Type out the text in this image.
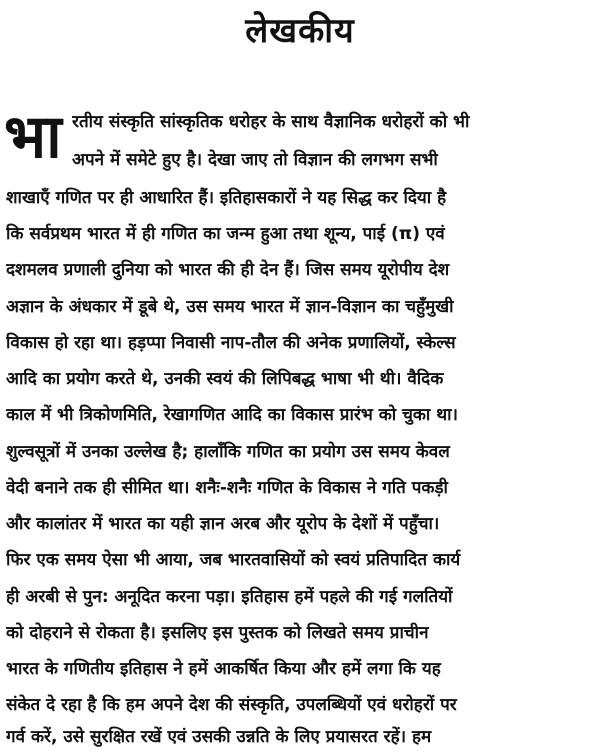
लेखकीय
भा रतीय संस्कृति सांस्कृतिक धरोहर के साथ वैज्ञानिक धरोहरों को भी
अपने में समेटे हुए है। देखा जाए तो विज्ञान की लगभग सभी
शाखाएँ गणित पर ही आधारित हैं। इतिहासकारों ने यह सिद्ध कर दिया है
कि सर्वप्रथम भारत में ही गणित का जन्म हुआ तथा शून्य, पाई (π) एवं
दशमलव प्रणाली दुनिया को भारत की ही देन हैं। जिस समय यूरोपीय देश
अज्ञान के अंधकार में डूबे थे, उस समय भारत में ज्ञान-विज्ञान का चहुँमुखी
विकास हो रहा था। हड़प्पा निवासी नाप-तौल की अनेक प्रणालियों, स्केल्स
आदि का प्रयोग करते थे, उनकी स्वयं की लिपिबद्ध भाषा भी थी। वैदिक
काल में भी त्रिकोणमिति, रेखागणित आदि का विकास प्रारंभ को चुका था।
शुल्वसूत्रों में उनका उल्लेख है; हालाँकि गणित का प्रयोग उस समय केवल
वेदी बनाने तक ही सीमित था। शनैः-शनैः गणित के विकास ने गति पकड़ी
और कालांतर में भारत का यही ज्ञान अरब और यूरोप के देशों में पहुँचा।
फिर एक समय ऐसा भी आया, जब भारतवासियों को स्वयं प्रतिपादित कार्य
ही अरबी से पुन: अनूदित करना पड़ा। इतिहास हमें पहले की गई गलतियों
को दोहराने से रोकता है। इसलिए इस पुस्तक को लिखते समय प्राचीन
भारत के गणितीय इतिहास ने हमें आकर्षित किया और हमें लगा कि यह
संकेत दे रहा है कि हम अपने देश की संस्कृति, उपलब्धियों एवं धरोहरों पर
गर्व करें, उसे सुरक्षित रखें एवं उसकी उन्नति के लिए प्रयासरत रहें। हम
